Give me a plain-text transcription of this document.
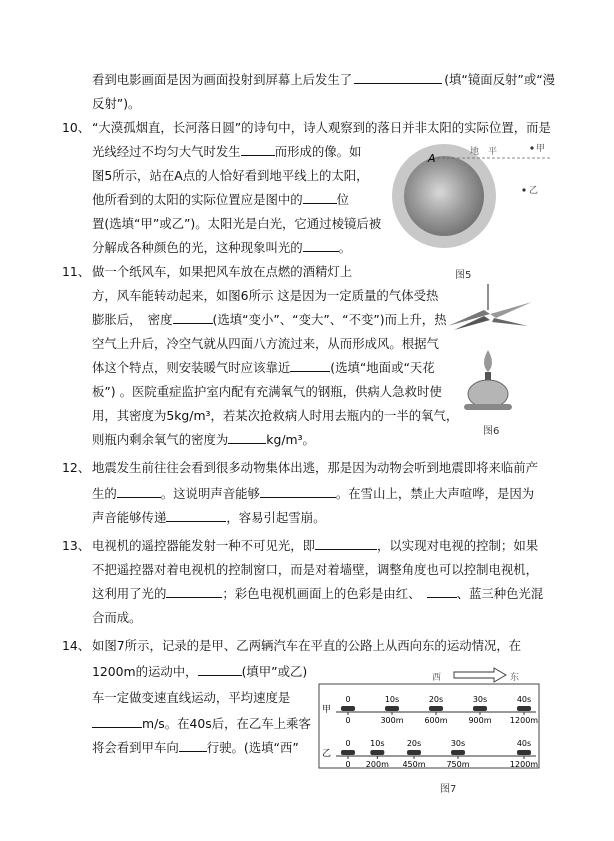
看到电影画面是因为画面投射到屏幕上后发生了	(填“镜面反射”或“漫
反射”)。
10、 “大漠孤烟直，长河落日圆”的诗句中，诗人观察到的落日并非太阳的实际位置，而是
光线经过不均匀大气时发生	而形成的像。如
图5所示，站在A点的人恰好看到地平线上的太阳，
他所看到的太阳的实际位置应是图中的	位
置(选填“甲”或乙”)。太阳光是白光，它通过棱镜后被
分解成各种颜色的光，这种现象叫光的	。
A	地　平	甲
乙
图5
11、 做一个纸风车，如果把风车放在点燃的酒精灯上
方，风车能转动起来，如图6所示 这是因为一定质量的气体受热
膨胀后，　密度	(选填“变小”、“变大”、“不变”)而上升，热
空气上升后，冷空气就从四面八方流过来，从而形成风。根据气
体这个特点，则安装暖气时应该靠近	(选填“地面或“天花
板”) 。医院重症监护室内配有充满氧气的钢瓶，供病人急救时使
用，其密度为5kg/m³，若某次抢救病人时用去瓶内的一半的氧气，
则瓶内剩余氧气的密度为	kg/m³。
图6
12、 地震发生前往往会看到很多动物集体出逃，那是因为动物会听到地震即将来临前产
生的	。这说明声音能够	。在雪山上，禁止大声喧哗，是因为
声音能够传递	，容易引起雪崩。
13、 电视机的遥控器能发射一种不可见光，即	，以实现对电视的控制；如果
不把遥控器对着电视机的控制窗口，而是对着墙壁，调整角度也可以控制电视机，
这利用了光的	；彩色电视机画面上的色彩是由红、	、蓝三种色光混
合而成。
14、 如图7所示，记录的是甲、乙两辆汽车在平直的公路上从西向东的运动情况，在
1200m的运动中，	(填甲”或乙)
车一定做变速直线运动，平均速度是
m/s。在40s后，在乙车上乘客
将会看到甲车向 行驶。(选填“西”
西	东
甲
0
0
10s
300m
20s
600m
30s
900m
40s
1200m
乙
0
0
10s
200m
20s
450m
30s
750m
40s
1200m
图7
